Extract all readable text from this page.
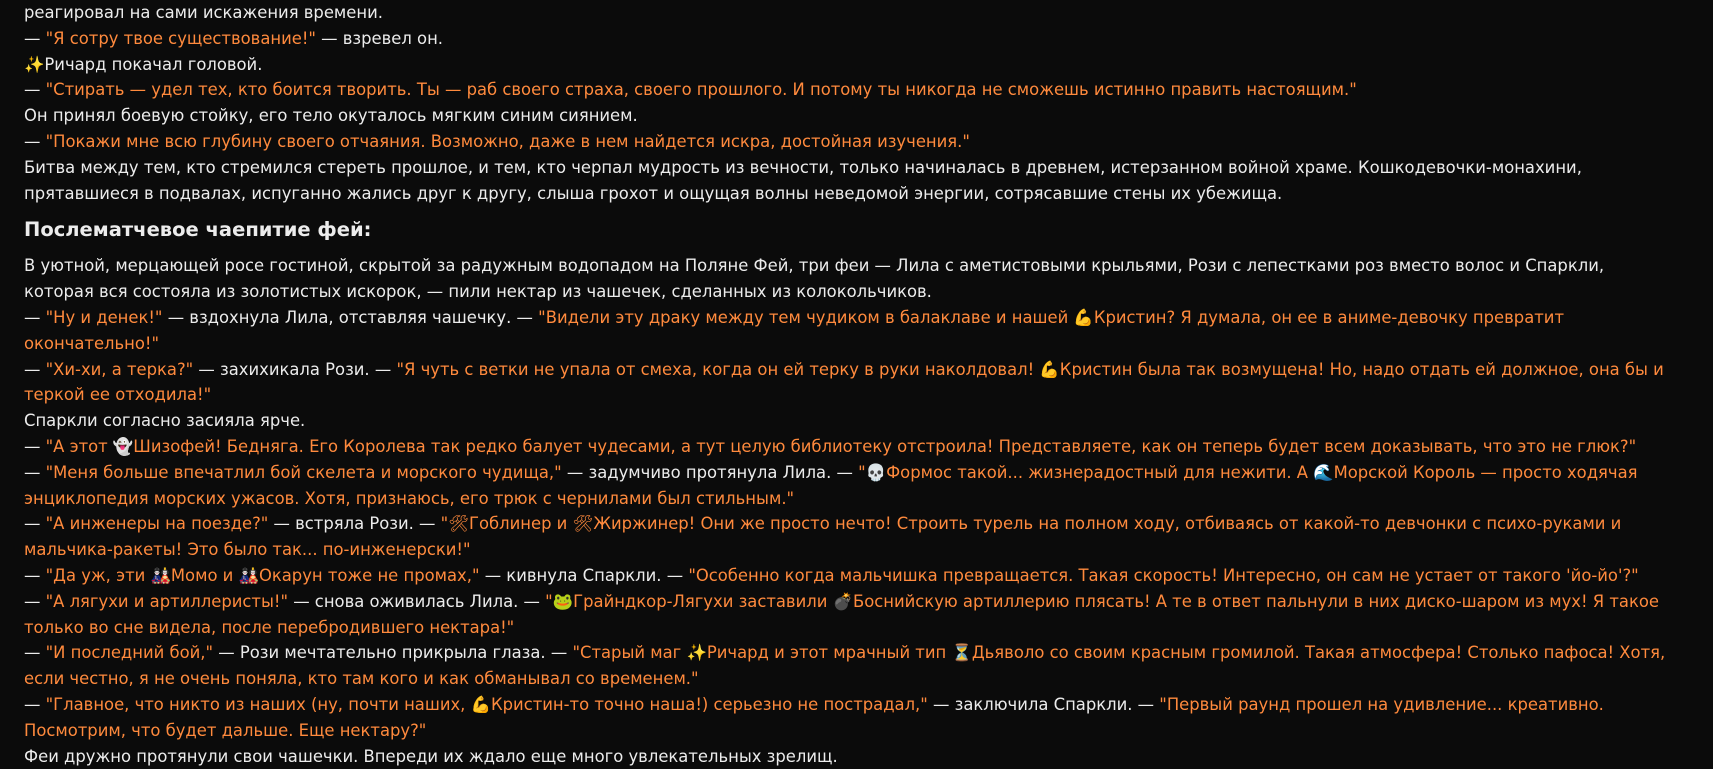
реагировал на сами искажения времени.
— "Я сотру твое существование!" — взревел он.
✨Ричард покачал головой.
— "Стирать — удел тех, кто боится творить. Ты — раб своего страха, своего прошлого. И потому ты никогда не сможешь истинно править настоящим."
Он принял боевую стойку, его тело окуталось мягким синим сиянием.
— "Покажи мне всю глубину своего отчаяния. Возможно, даже в нем найдется искра, достойная изучения."
Битва между тем, кто стремился стереть прошлое, и тем, кто черпал мудрость из вечности, только начиналась в древнем, истерзанном войной храме. Кошкодевочки-монахини, прятавшиеся в подвалах, испуганно жались друг к другу, слыша грохот и ощущая волны неведомой энергии, сотрясавшие стены их убежища.
Послематчевое чаепитие фей:
В уютной, мерцающей росе гостиной, скрытой за радужным водопадом на Поляне Фей, три феи — Лила с аметистовыми крыльями, Рози с лепестками роз вместо волос и Спаркли, которая вся состояла из золотистых искорок, — пили нектар из чашечек, сделанных из колокольчиков.
— "Ну и денек!" — вздохнула Лила, отставляя чашечку. — "Видели эту драку между тем чудиком в балаклаве и нашей 💪Кристин? Я думала, он ее в аниме-девочку превратит окончательно!"
— "Хи-хи, а терка?" — захихикала Рози. — "Я чуть с ветки не упала от смеха, когда он ей терку в руки наколдовал! 💪Кристин была так возмущена! Но, надо отдать ей должное, она бы и теркой ее отходила!"
Спаркли согласно засияла ярче.
— "А этот 👻Шизофей! Бедняга. Его Королева так редко балует чудесами, а тут целую библиотеку отстроила! Представляете, как он теперь будет всем доказывать, что это не глюк?"
— "Меня больше впечатлил бой скелета и морского чудища," — задумчиво протянула Лила. — "💀Формос такой... жизнерадостный для нежити. А 🌊Морской Король — просто ходячая энциклопедия морских ужасов. Хотя, признаюсь, его трюк с чернилами был стильным."
— "А инженеры на поезде?" — встряла Рози. — "🛠Гоблинер и 🛠Жиржинер! Они же просто нечто! Строить турель на полном ходу, отбиваясь от какой-то девчонки с психо-руками и мальчика-ракеты! Это было так... по-инженерски!"
— "Да уж, эти 🎎Момо и 🎎Окарун тоже не промах," — кивнула Спаркли. — "Особенно когда мальчишка превращается. Такая скорость! Интересно, он сам не устает от такого 'йо-йо'?"
— "А лягухи и артиллеристы!" — снова оживилась Лила. — "🐸Грайндкор-Лягухи заставили 💣Боснийскую артиллерию плясать! А те в ответ пальнули в них диско-шаром из мух! Я такое только во сне видела, после перебродившего нектара!"
— "И последний бой," — Рози мечтательно прикрыла глаза. — "Старый маг ✨Ричард и этот мрачный тип ⏳Дьяволо со своим красным громилой. Такая атмосфера! Столько пафоса! Хотя, если честно, я не очень поняла, кто там кого и как обманывал со временем."
— "Главное, что никто из наших (ну, почти наших, 💪Кристин-то точно наша!) серьезно не пострадал," — заключила Спаркли. — "Первый раунд прошел на удивление... креативно. Посмотрим, что будет дальше. Еще нектару?"
Феи дружно протянули свои чашечки. Впереди их ждало еще много увлекательных зрелищ.
